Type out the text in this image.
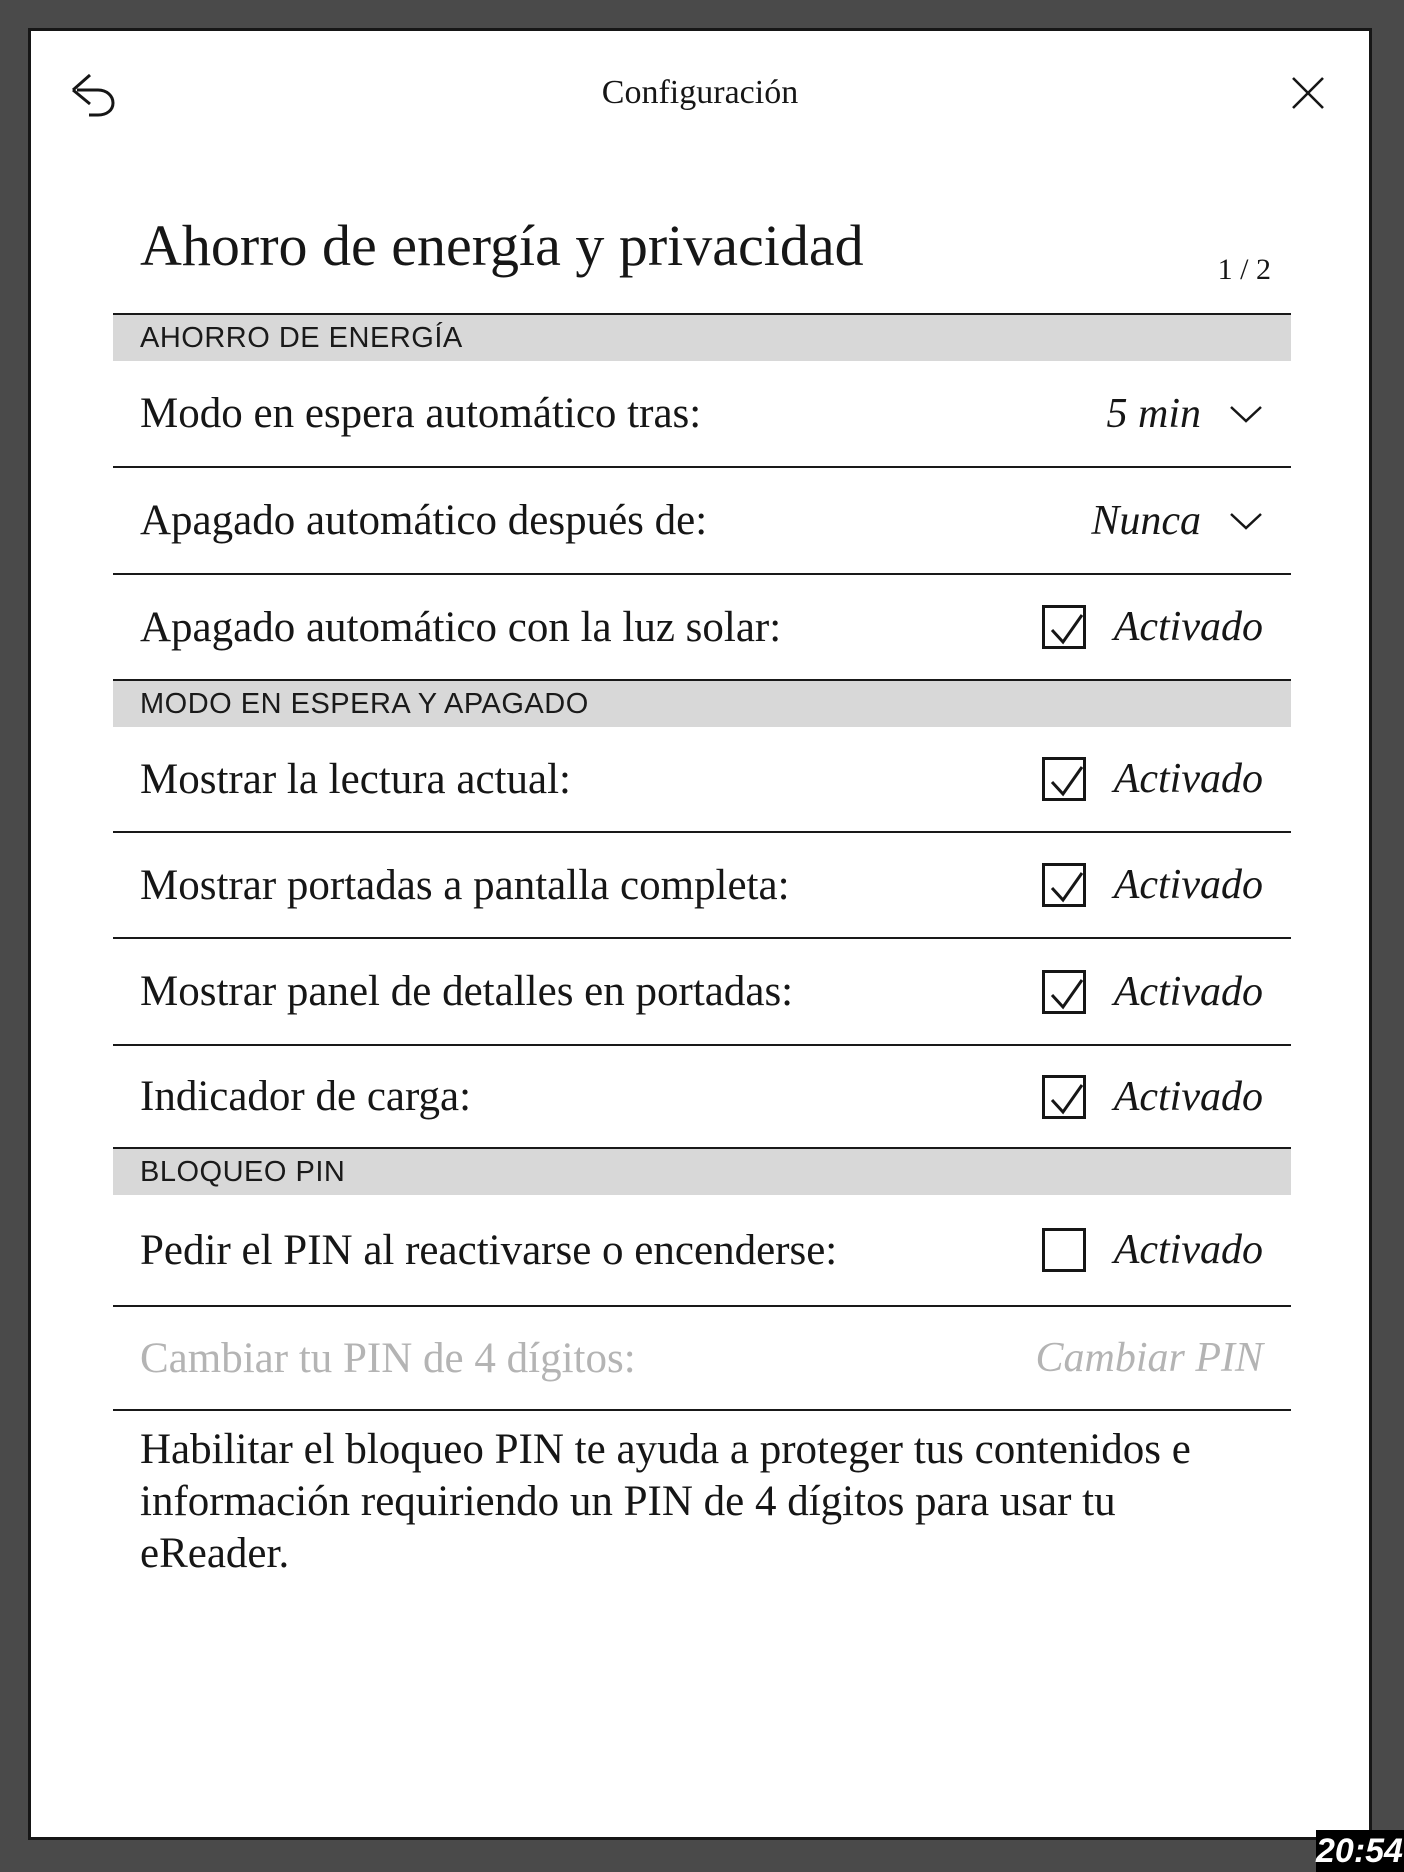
Configuración
Ahorro de energía y privacidad	1 / 2
AHORRO DE ENERGÍA
Modo en espera automático tras:	5 min
Apagado automático después de:	Nunca
Apagado automático con la luz solar:	Activado
MODO EN ESPERA Y APAGADO
Mostrar la lectura actual:	Activado
Mostrar portadas a pantalla completa:	Activado
Mostrar panel de detalles en portadas:	Activado
Indicador de carga:	Activado
BLOQUEO PIN
Pedir el PIN al reactivarse o encenderse:	Activado
Cambiar tu PIN de 4 dígitos:	Cambiar PIN

Habilitar el bloqueo PIN te ayuda a proteger tus contenidos e información requiriendo un PIN de 4 dígitos para usar tu eReader.

20:54
